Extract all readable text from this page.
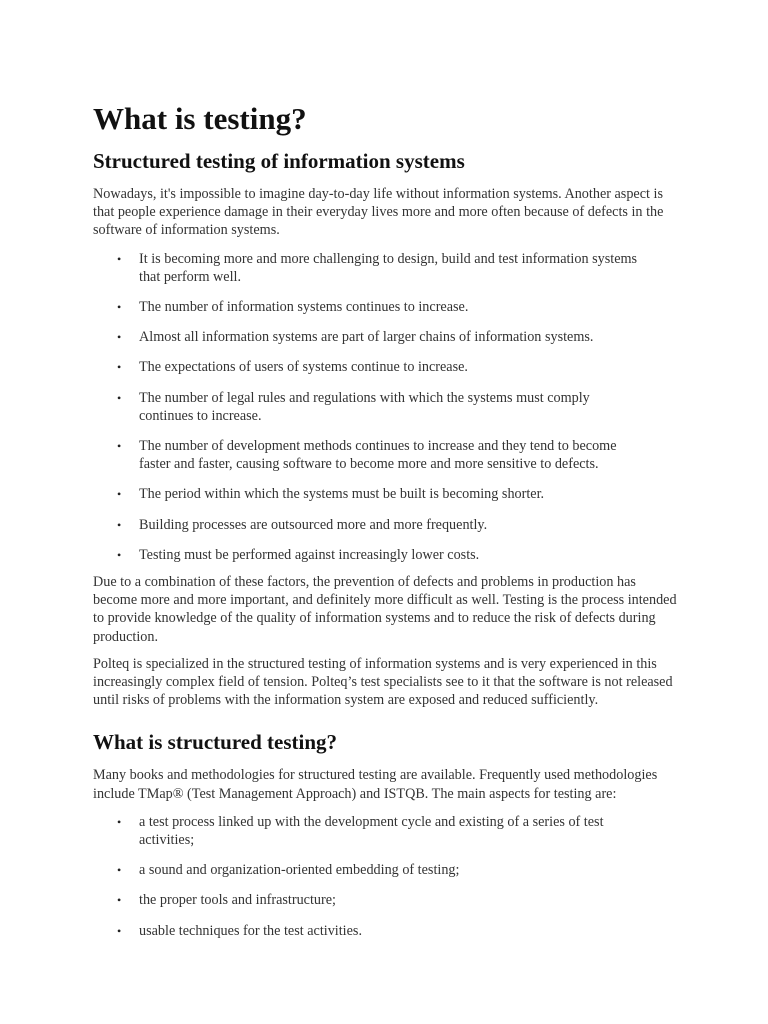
What is testing?
Structured testing of information systems

Nowadays, it's impossible to imagine day-to-day life without information systems. Another aspect is that people experience damage in their everyday lives more and more often because of defects in the software of information systems.

• It is becoming more and more challenging to design, build and test information systems that perform well.
• The number of information systems continues to increase.
• Almost all information systems are part of larger chains of information systems.
• The expectations of users of systems continue to increase.
• The number of legal rules and regulations with which the systems must comply continues to increase.
• The number of development methods continues to increase and they tend to become faster and faster, causing software to become more and more sensitive to defects.
• The period within which the systems must be built is becoming shorter.
• Building processes are outsourced more and more frequently.
• Testing must be performed against increasingly lower costs.

Due to a combination of these factors, the prevention of defects and problems in production has become more and more important, and definitely more difficult as well. Testing is the process intended to provide knowledge of the quality of information systems and to reduce the risk of defects during production.

Polteq is specialized in the structured testing of information systems and is very experienced in this increasingly complex field of tension. Polteq’s test specialists see to it that the software is not released until risks of problems with the information system are exposed and reduced sufficiently.

What is structured testing?

Many books and methodologies for structured testing are available. Frequently used methodologies include TMap® (Test Management Approach) and ISTQB. The main aspects for testing are:

• a test process linked up with the development cycle and existing of a series of test activities;
• a sound and organization-oriented embedding of testing;
• the proper tools and infrastructure;
• usable techniques for the test activities.
